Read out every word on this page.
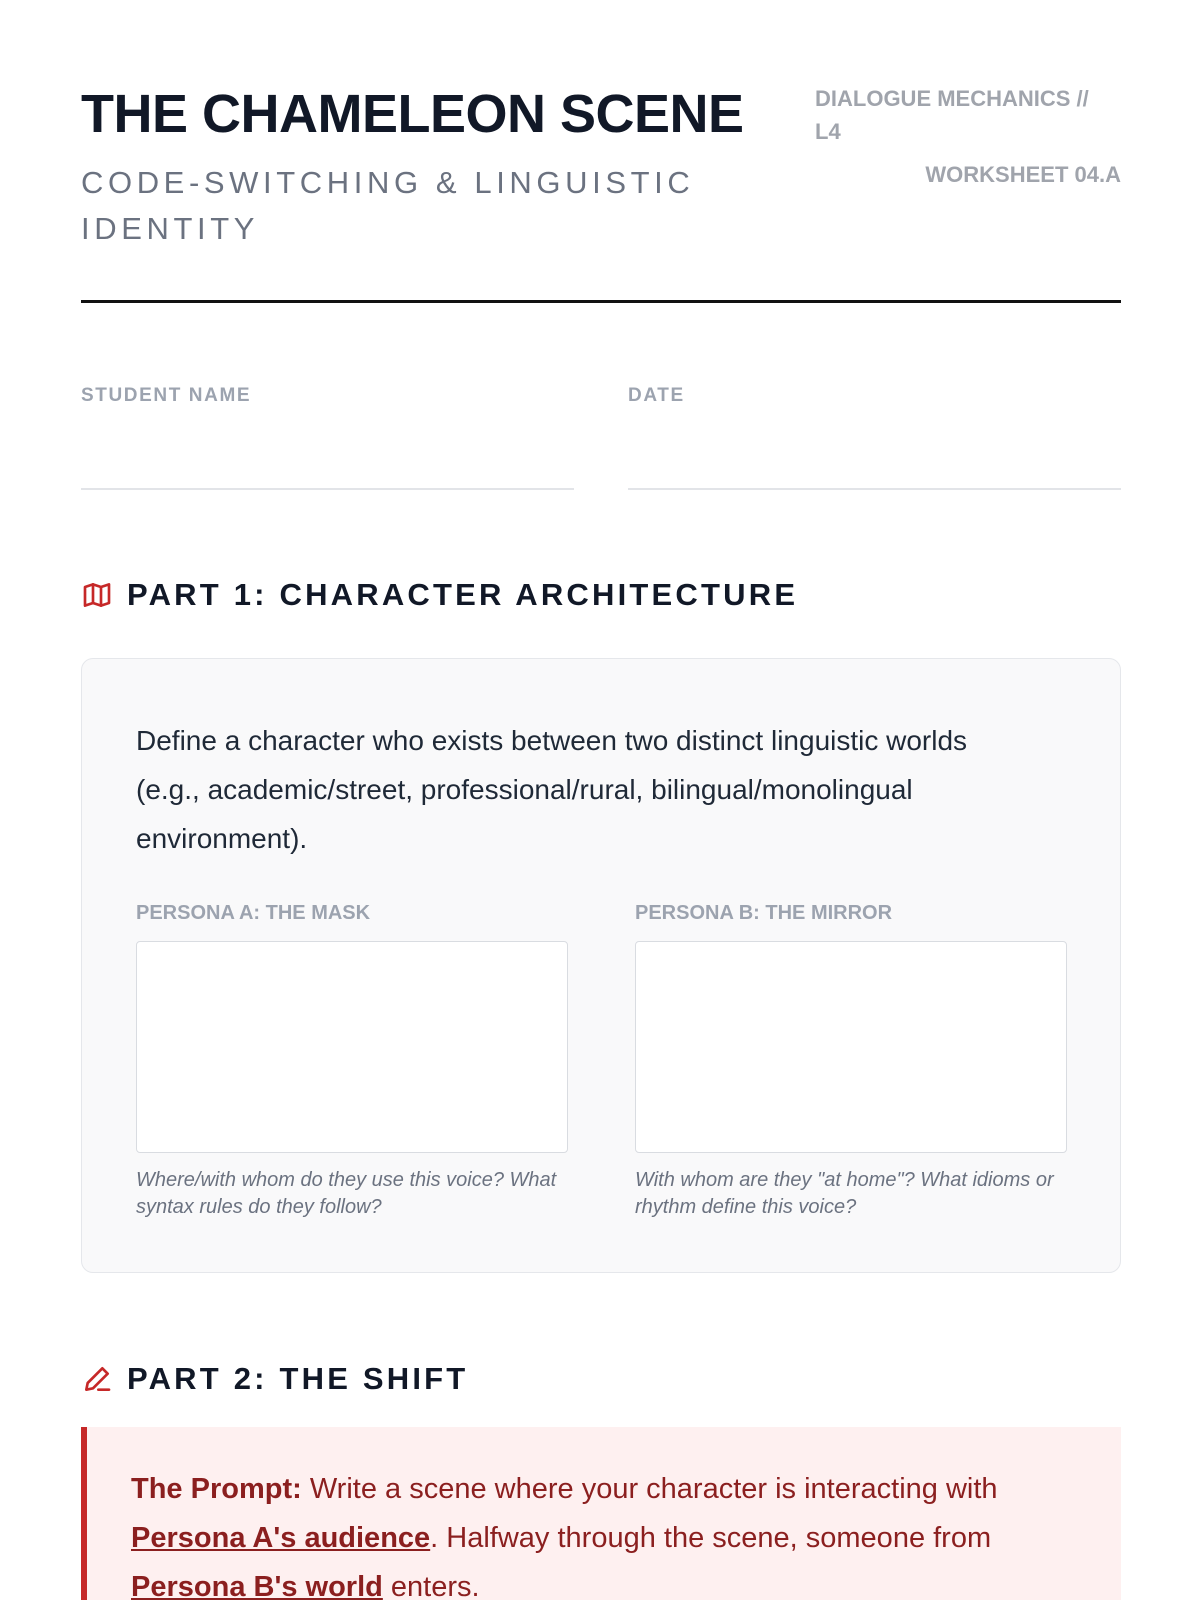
THE CHAMELEON SCENE
CODE-SWITCHING & LINGUISTIC IDENTITY
DIALOGUE MECHANICS // L4
WORKSHEET 04.A
STUDENT NAME	DATE
PART 1: CHARACTER ARCHITECTURE
Define a character who exists between two distinct linguistic worlds (e.g., academic/street, professional/rural, bilingual/monolingual environment).
PERSONA A: THE MASK
Where/with whom do they use this voice? What syntax rules do they follow?
PERSONA B: THE MIRROR
With whom are they "at home"? What idioms or rhythm define this voice?
PART 2: THE SHIFT
The Prompt: Write a scene where your character is interacting with Persona A's audience. Halfway through the scene, someone from Persona B's world enters.
